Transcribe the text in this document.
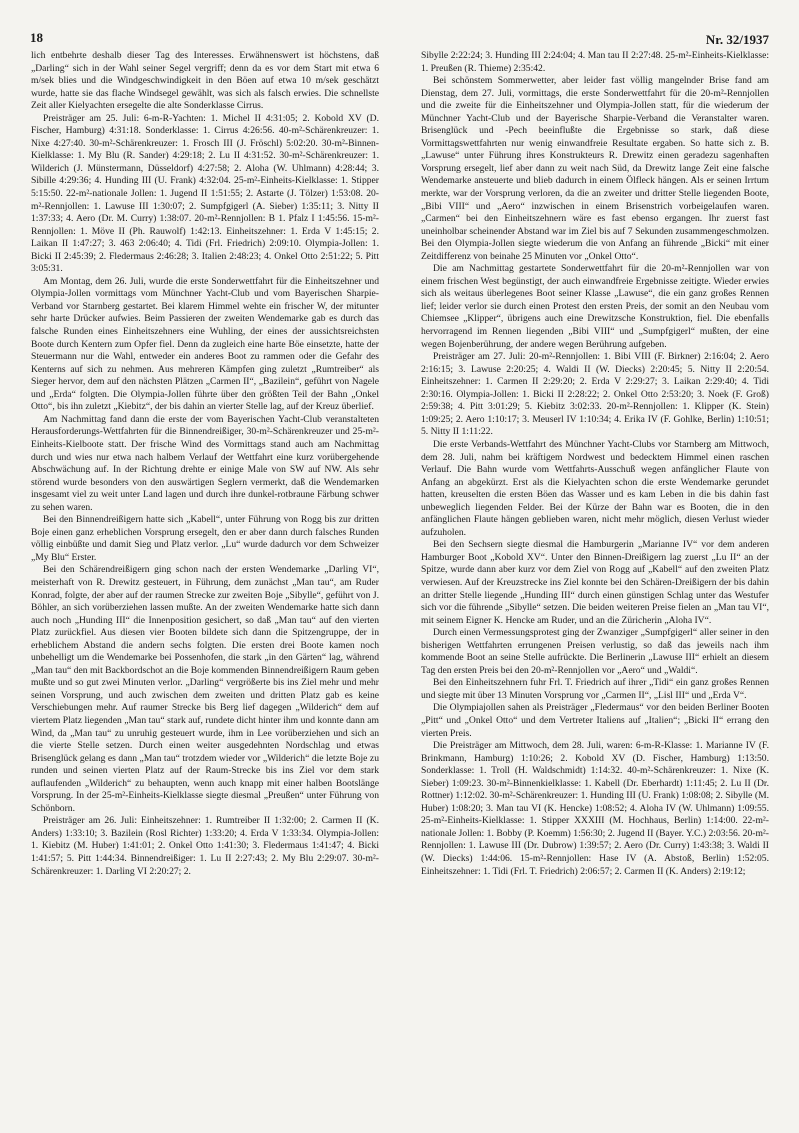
18	Nr. 32/1937

lich entbehrte deshalb dieser Tag des Interesses. Erwähnenswert ist höchstens, daß „Darling“ sich in der Wahl seiner Segel vergriff; denn da es vor dem Start mit etwa 6 m/sek blies und die Windgeschwindigkeit in den Böen auf etwa 10 m/sek geschätzt wurde, hatte sie das flache Windsegel gewählt, was sich als falsch erwies. Die schnellste Zeit aller Kielyachten ersegelte die alte Sonderklasse Cirrus.

Preisträger am 25. Juli: 6-m-R-Yachten: 1. Michel II 4:31:05; 2. Kobold XV (D. Fischer, Hamburg) 4:31:18. Sonderklasse: 1. Cirrus 4:26:56. 40-m²-Schärenkreuzer: 1. Nixe 4:27:40. 30-m²-Schärenkreuzer: 1. Frosch III (J. Fröschl) 5:02:20. 30-m²-Binnen-Kielklasse: 1. My Blu (R. Sander) 4:29:18; 2. Lu II 4:31:52. 30-m²-Schärenkreuzer: 1. Wilderich (J. Münstermann, Düsseldorf) 4:27:58; 2. Aloha (W. Uhlmann) 4:28:44; 3. Sibille 4:29:36; 4. Hunding III (U. Frank) 4:32:04. 25-m²-Einheits-Kielklasse: 1. Stipper 5:15:50. 22-m²-nationale Jollen: 1. Jugend II 1:51:55; 2. Astarte (J. Tölzer) 1:53:08. 20-m²-Rennjollen: 1. Lawuse III 1:30:07; 2. Sumpfgigerl (A. Sieber) 1:35:11; 3. Nitty II 1:37:33; 4. Aero (Dr. M. Curry) 1:38:07. 20-m²-Rennjollen: B 1. Pfalz I 1:45:56. 15-m²-Rennjollen: 1. Möve II (Ph. Rauwolf) 1:42:13. Einheitszehner: 1. Erda V 1:45:15; 2. Laikan II 1:47:27; 3. 463 2:06:40; 4. Tidi (Frl. Friedrich) 2:09:10. Olympia-Jollen: 1. Bicki II 2:45:39; 2. Fledermaus 2:46:28; 3. Italien 2:48:23; 4. Onkel Otto 2:51:22; 5. Pitt 3:05:31.

Am Montag, dem 26. Juli, wurde die erste Sonderwettfahrt für die Einheitszehner und Olympia-Jollen vormittags vom Münchner Yacht-Club und vom Bayerischen Sharpie-Verband vor Starnberg gestartet. Bei klarem Himmel wehte ein frischer W, der mitunter sehr harte Drücker aufwies. Beim Passieren der zweiten Wendemarke gab es durch das falsche Runden eines Einheitszehners eine Wuhling, der eines der aussichtsreichsten Boote durch Kentern zum Opfer fiel. Denn da zugleich eine harte Böe einsetzte, hatte der Steuermann nur die Wahl, entweder ein anderes Boot zu rammen oder die Gefahr des Kenterns auf sich zu nehmen. Aus mehreren Kämpfen ging zuletzt „Rumtreiber“ als Sieger hervor, dem auf den nächsten Plätzen „Carmen II“, „Bazilein“, geführt von Nagele und „Erda“ folgten. Die Olympia-Jollen führte über den größten Teil der Bahn „Onkel Otto“, bis ihn zuletzt „Kiebitz“, der bis dahin an vierter Stelle lag, auf der Kreuz überlief.

Am Nachmittag fand dann die erste der vom Bayerischen Yacht-Club veranstalteten Herausforderungs-Wettfahrten für die Binnendreißiger, 30-m²-Schärenkreuzer und 25-m²-Einheits-Kielboote statt. Der frische Wind des Vormittags stand auch am Nachmittag durch und wies nur etwa nach halbem Verlauf der Wettfahrt eine kurz vorübergehende Abschwächung auf. In der Richtung drehte er einige Male von SW auf NW. Als sehr störend wurde besonders von den auswärtigen Seglern vermerkt, daß die Wendemarken insgesamt viel zu weit unter Land lagen und durch ihre dunkel-rotbraune Färbung schwer zu sehen waren.

Bei den Binnendreißigern hatte sich „Kabell“, unter Führung von Rogg bis zur dritten Boje einen ganz erheblichen Vorsprung ersegelt, den er aber dann durch falsches Runden völlig einbüßte und damit Sieg und Platz verlor. „Lu“ wurde dadurch vor dem Schweizer „My Blu“ Erster.

Bei den Schärendreißigern ging schon nach der ersten Wendemarke „Darling VI“, meisterhaft von R. Drewitz gesteuert, in Führung, dem zunächst „Man tau“, am Ruder Konrad, folgte, der aber auf der raumen Strecke zur zweiten Boje „Sibylle“, geführt von J. Böhler, an sich vorüberziehen lassen mußte. An der zweiten Wendemarke hatte sich dann auch noch „Hunding III“ die Innenposition gesichert, so daß „Man tau“ auf den vierten Platz zurückfiel. Aus diesen vier Booten bildete sich dann die Spitzengruppe, der in erheblichem Abstand die andern sechs folgten. Die ersten drei Boote kamen noch unbehelligt um die Wendemarke bei Possenhofen, die stark „in den Gärten“ lag, während „Man tau“ den mit Backbordschot an die Boje kommenden Binnendreißigern Raum geben mußte und so gut zwei Minuten verlor. „Darling“ vergrößerte bis ins Ziel mehr und mehr seinen Vorsprung, und auch zwischen dem zweiten und dritten Platz gab es keine Verschiebungen mehr. Auf raumer Strecke bis Berg lief dagegen „Wilderich“ dem auf viertem Platz liegenden „Man tau“ stark auf, rundete dicht hinter ihm und konnte dann am Wind, da „Man tau“ zu unruhig gesteuert wurde, ihm in Lee vorüberziehen und sich an die vierte Stelle setzen. Durch einen weiter ausgedehnten Nordschlag und etwas Brisenglück gelang es dann „Man tau“ trotzdem wieder vor „Wilderich“ die letzte Boje zu runden und seinen vierten Platz auf der Raum-Strecke bis ins Ziel vor dem stark auflaufenden „Wilderich“ zu behaupten, wenn auch knapp mit einer halben Bootslänge Vorsprung. In der 25-m²-Einheits-Kielklasse siegte diesmal „Preußen“ unter Führung von Schönborn.

Preisträger am 26. Juli: Einheitszehner: 1. Rumtreiber II 1:32:00; 2. Carmen II (K. Anders) 1:33:10; 3. Bazilein (Rosl Richter) 1:33:20; 4. Erda V 1:33:34. Olympia-Jollen: 1. Kiebitz (M. Huber) 1:41:01; 2. Onkel Otto 1:41:30; 3. Fledermaus 1:41:47; 4. Bicki 1:41:57; 5. Pitt 1:44:34. Binnendreißiger: 1. Lu II 2:27:43; 2. My Blu 2:29:07. 30-m²-Schärenkreuzer: 1. Darling VI 2:20:27; 2.

Sibylle 2:22:24; 3. Hunding III 2:24:04; 4. Man tau II 2:27:48. 25-m²-Einheits-Kielklasse: 1. Preußen (R. Thieme) 2:35:42.

Bei schönstem Sommerwetter, aber leider fast völlig mangelnder Brise fand am Dienstag, dem 27. Juli, vormittags, die erste Sonderwettfahrt für die 20-m²-Rennjollen und die zweite für die Einheitszehner und Olympia-Jollen statt, für die wiederum der Münchner Yacht-Club und der Bayerische Sharpie-Verband die Veranstalter waren. Brisenglück und -Pech beeinflußte die Ergebnisse so stark, daß diese Vormittagswettfahrten nur wenig einwandfreie Resultate ergaben. So hatte sich z. B. „Lawuse“ unter Führung ihres Konstrukteurs R. Drewitz einen geradezu sagenhaften Vorsprung ersegelt, lief aber dann zu weit nach Süd, da Drewitz lange Zeit eine falsche Wendemarke ansteuerte und blieb dadurch in einem Ölfleck hängen. Als er seinen Irrtum merkte, war der Vorsprung verloren, da die an zweiter und dritter Stelle liegenden Boote, „Bibi VIII“ und „Aero“ inzwischen in einem Brisenstrich vorbeigelaufen waren. „Carmen“ bei den Einheitszehnern wäre es fast ebenso ergangen. Ihr zuerst fast uneinholbar scheinender Abstand war im Ziel bis auf 7 Sekunden zusammengeschmolzen. Bei den Olympia-Jollen siegte wiederum die von Anfang an führende „Bicki“ mit einer Zeitdifferenz von beinahe 25 Minuten vor „Onkel Otto“.

Die am Nachmittag gestartete Sonderwettfahrt für die 20-m²-Rennjollen war von einem frischen West begünstigt, der auch einwandfreie Ergebnisse zeitigte. Wieder erwies sich als weitaus überlegenes Boot seiner Klasse „Lawuse“, die ein ganz großes Rennen lief; leider verlor sie durch einen Protest den ersten Preis, der somit an den Neubau vom Chiemsee „Klipper“, übrigens auch eine Drewitzsche Konstruktion, fiel. Die ebenfalls hervorragend im Rennen liegenden „Bibi VIII“ und „Sumpfgigerl“ mußten, der eine wegen Bojenberührung, der andere wegen Berührung aufgeben.

Preisträger am 27. Juli: 20-m²-Rennjollen: 1. Bibi VIII (F. Birkner) 2:16:04; 2. Aero 2:16:15; 3. Lawuse 2:20:25; 4. Waldi II (W. Diecks) 2:20:45; 5. Nitty II 2:20:54. Einheitszehner: 1. Carmen II 2:29:20; 2. Erda V 2:29:27; 3. Laikan 2:29:40; 4. Tidi 2:30:16. Olympia-Jollen: 1. Bicki II 2:28:22; 2. Onkel Otto 2:53:20; 3. Noek (F. Groß) 2:59:38; 4. Pitt 3:01:29; 5. Kiebitz 3:02:33. 20-m²-Rennjollen: 1. Klipper (K. Stein) 1:09:25; 2. Aero 1:10:17; 3. Meuserl IV 1:10:34; 4. Erika IV (F. Gohlke, Berlin) 1:10:51; 5. Nitty II 1:11:22.

Die erste Verbands-Wettfahrt des Münchner Yacht-Clubs vor Starnberg am Mittwoch, dem 28. Juli, nahm bei kräftigem Nordwest und bedecktem Himmel einen raschen Verlauf. Die Bahn wurde vom Wettfahrts-Ausschuß wegen anfänglicher Flaute von Anfang an abgekürzt. Erst als die Kielyachten schon die erste Wendemarke gerundet hatten, kreuselten die ersten Böen das Wasser und es kam Leben in die bis dahin fast unbeweglich liegenden Felder. Bei der Kürze der Bahn war es Booten, die in den anfänglichen Flaute hängen geblieben waren, nicht mehr möglich, diesen Verlust wieder aufzuholen.

Bei den Sechsern siegte diesmal die Hamburgerin „Marianne IV“ vor dem anderen Hamburger Boot „Kobold XV“. Unter den Binnen-Dreißigern lag zuerst „Lu II“ an der Spitze, wurde dann aber kurz vor dem Ziel von Rogg auf „Kabell“ auf den zweiten Platz verwiesen. Auf der Kreuzstrecke ins Ziel konnte bei den Schären-Dreißigern der bis dahin an dritter Stelle liegende „Hunding III“ durch einen günstigen Schlag unter das Westufer sich vor die führende „Sibylle“ setzen. Die beiden weiteren Preise fielen an „Man tau VI“, mit seinem Eigner K. Hencke am Ruder, und an die Züricherin „Aloha IV“.

Durch einen Vermessungsprotest ging der Zwanziger „Sumpfgigerl“ aller seiner in den bisherigen Wettfahrten errungenen Preisen verlustig, so daß das jeweils nach ihm kommende Boot an seine Stelle aufrückte. Die Berlinerin „Lawuse III“ erhielt an diesem Tag den ersten Preis bei den 20-m²-Rennjollen vor „Aero“ und „Waldi“.

Bei den Einheitszehnern fuhr Frl. T. Friedrich auf ihrer „Tidi“ ein ganz großes Rennen und siegte mit über 13 Minuten Vorsprung vor „Carmen II“, „Lisl III“ und „Erda V“.

Die Olympiajollen sahen als Preisträger „Fledermaus“ vor den beiden Berliner Booten „Pitt“ und „Onkel Otto“ und dem Vertreter Italiens auf „Italien“; „Bicki II“ errang den vierten Preis.

Die Preisträger am Mittwoch, dem 28. Juli, waren: 6-m-R-Klasse: 1. Marianne IV (F. Brinkmann, Hamburg) 1:10:26; 2. Kobold XV (D. Fischer, Hamburg) 1:13:50. Sonderklasse: 1. Troll (H. Waldschmidt) 1:14:32. 40-m²-Schärenkreuzer: 1. Nixe (K. Sieber) 1:09:23. 30-m²-Binnenkielklasse: 1. Kabell (Dr. Eberhardt) 1:11:45; 2. Lu II (Dr. Rottner) 1:12:02. 30-m²-Schärenkreuzer: 1. Hunding III (U. Frank) 1:08:08; 2. Sibylle (M. Huber) 1:08:20; 3. Man tau VI (K. Hencke) 1:08:52; 4. Aloha IV (W. Uhlmann) 1:09:55. 25-m²-Einheits-Kielklasse: 1. Stipper XXXIII (M. Hochhaus, Berlin) 1:14:00. 22-m²-nationale Jollen: 1. Bobby (P. Koemm) 1:56:30; 2. Jugend II (Bayer. Y.C.) 2:03:56. 20-m²-Rennjollen: 1. Lawuse III (Dr. Dubrow) 1:39:57; 2. Aero (Dr. Curry) 1:43:38; 3. Waldi II (W. Diecks) 1:44:06. 15-m²-Rennjollen: Hase IV (A. Abstoß, Berlin) 1:52:05. Einheitszehner: 1. Tidi (Frl. T. Friedrich) 2:06:57; 2. Carmen II (K. Anders) 2:19:12;
